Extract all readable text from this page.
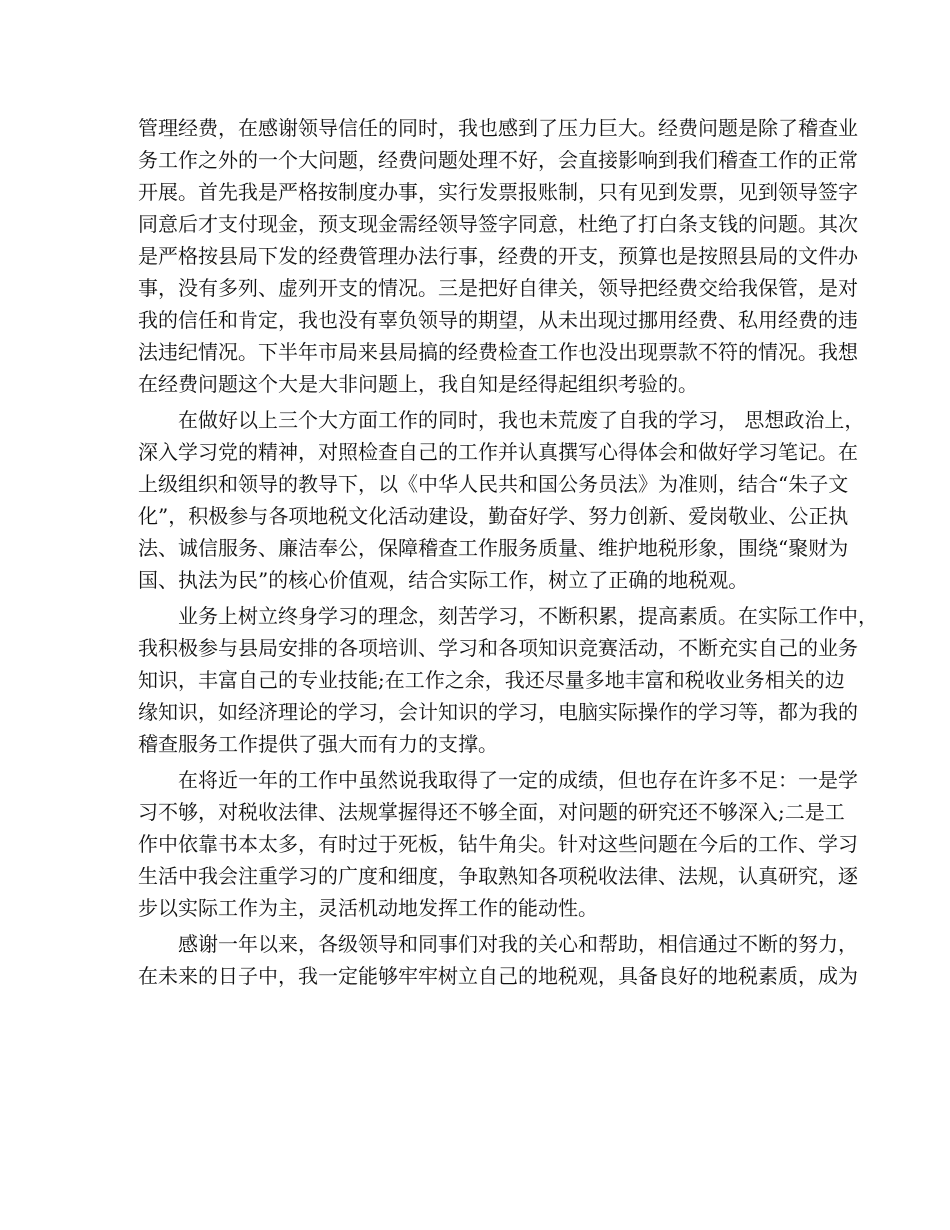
管理经费，在感谢领导信任的同时，我也感到了压力巨大。经费问题是除了稽查业
务工作之外的一个大问题，经费问题处理不好，会直接影响到我们稽查工作的正常
开展。首先我是严格按制度办事，实行发票报账制，只有见到发票，见到领导签字
同意后才支付现金，预支现金需经领导签字同意，杜绝了打白条支钱的问题。其次
是严格按县局下发的经费管理办法行事，经费的开支，预算也是按照县局的文件办
事，没有多列、虚列开支的情况。三是把好自律关，领导把经费交给我保管，是对
我的信任和肯定，我也没有辜负领导的期望，从未出现过挪用经费、私用经费的违
法违纪情况。下半年市局来县局搞的经费检查工作也没出现票款不符的情况。我想
在经费问题这个大是大非问题上，我自知是经得起组织考验的。
在做好以上三个大方面工作的同时，我也未荒废了自我的学习， 思想政治上，
深入学习党的精神，对照检查自己的工作并认真撰写心得体会和做好学习笔记。在
上级组织和领导的教导下，以《中华人民共和国公务员法》为准则，结合“朱子文
化”，积极参与各项地税文化活动建设，勤奋好学、努力创新、爱岗敬业、公正执
法、诚信服务、廉洁奉公，保障稽查工作服务质量、维护地税形象，围绕“聚财为
国、执法为民”的核心价值观，结合实际工作，树立了正确的地税观。
业务上树立终身学习的理念，刻苦学习，不断积累，提高素质。在实际工作中，
我积极参与县局安排的各项培训、学习和各项知识竞赛活动，不断充实自己的业务
知识，丰富自己的专业技能;在工作之余，我还尽量多地丰富和税收业务相关的边
缘知识，如经济理论的学习，会计知识的学习，电脑实际操作的学习等，都为我的
稽查服务工作提供了强大而有力的支撑。
在将近一年的工作中虽然说我取得了一定的成绩，但也存在许多不足：一是学
习不够，对税收法律、法规掌握得还不够全面，对问题的研究还不够深入;二是工
作中依靠书本太多，有时过于死板，钻牛角尖。针对这些问题在今后的工作、学习
生活中我会注重学习的广度和细度，争取熟知各项税收法律、法规，认真研究，逐
步以实际工作为主，灵活机动地发挥工作的能动性。
感谢一年以来，各级领导和同事们对我的关心和帮助，相信通过不断的努力，
在未来的日子中，我一定能够牢牢树立自己的地税观，具备良好的地税素质，成为
